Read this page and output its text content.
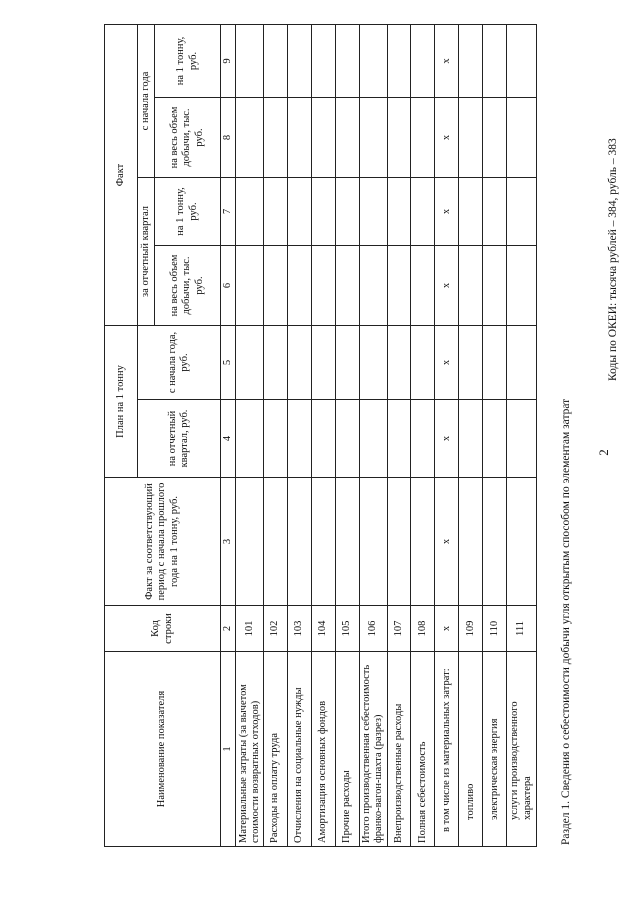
Раздел 1. Сведения о себестоимости добычи угля открытым способом по элементам затрат
Коды по ОКЕИ: тысяча рублей – 384, рубль – 383
Наименование показателя	Код строки	Факт за соответствующий период с начала прошлого года на 1 тонну, руб.	План на 1 тонну		Факт			
			на отчетный квартал, руб.	с начала года, руб.	за отчетный квартал		с начала года	
					на весь объем добычи, тыс. руб.	на 1 тонну, руб.	на весь объем добычи, тыс. руб.	на 1 тонну, руб.
1	2	3	4	5	6	7	8	9
Материальные затраты (за вычетом стоимости возвратных отходов)	101							
Расходы на оплату труда	102							
Отчисления на социальные нужды	103							
Амортизация основных фондов	104							
Прочие расходы	105							
Итого производственная себестоимость франко-вагон-шахта (разрез)	106							
Внепроизводственные расходы	107							
Полная себестоимость	108							
в том числе из материальных затрат:	x	x	x	x	x	x	x	x
топливо	109							
электрическая энергия	110							
услуги производственного характера	111							
2
